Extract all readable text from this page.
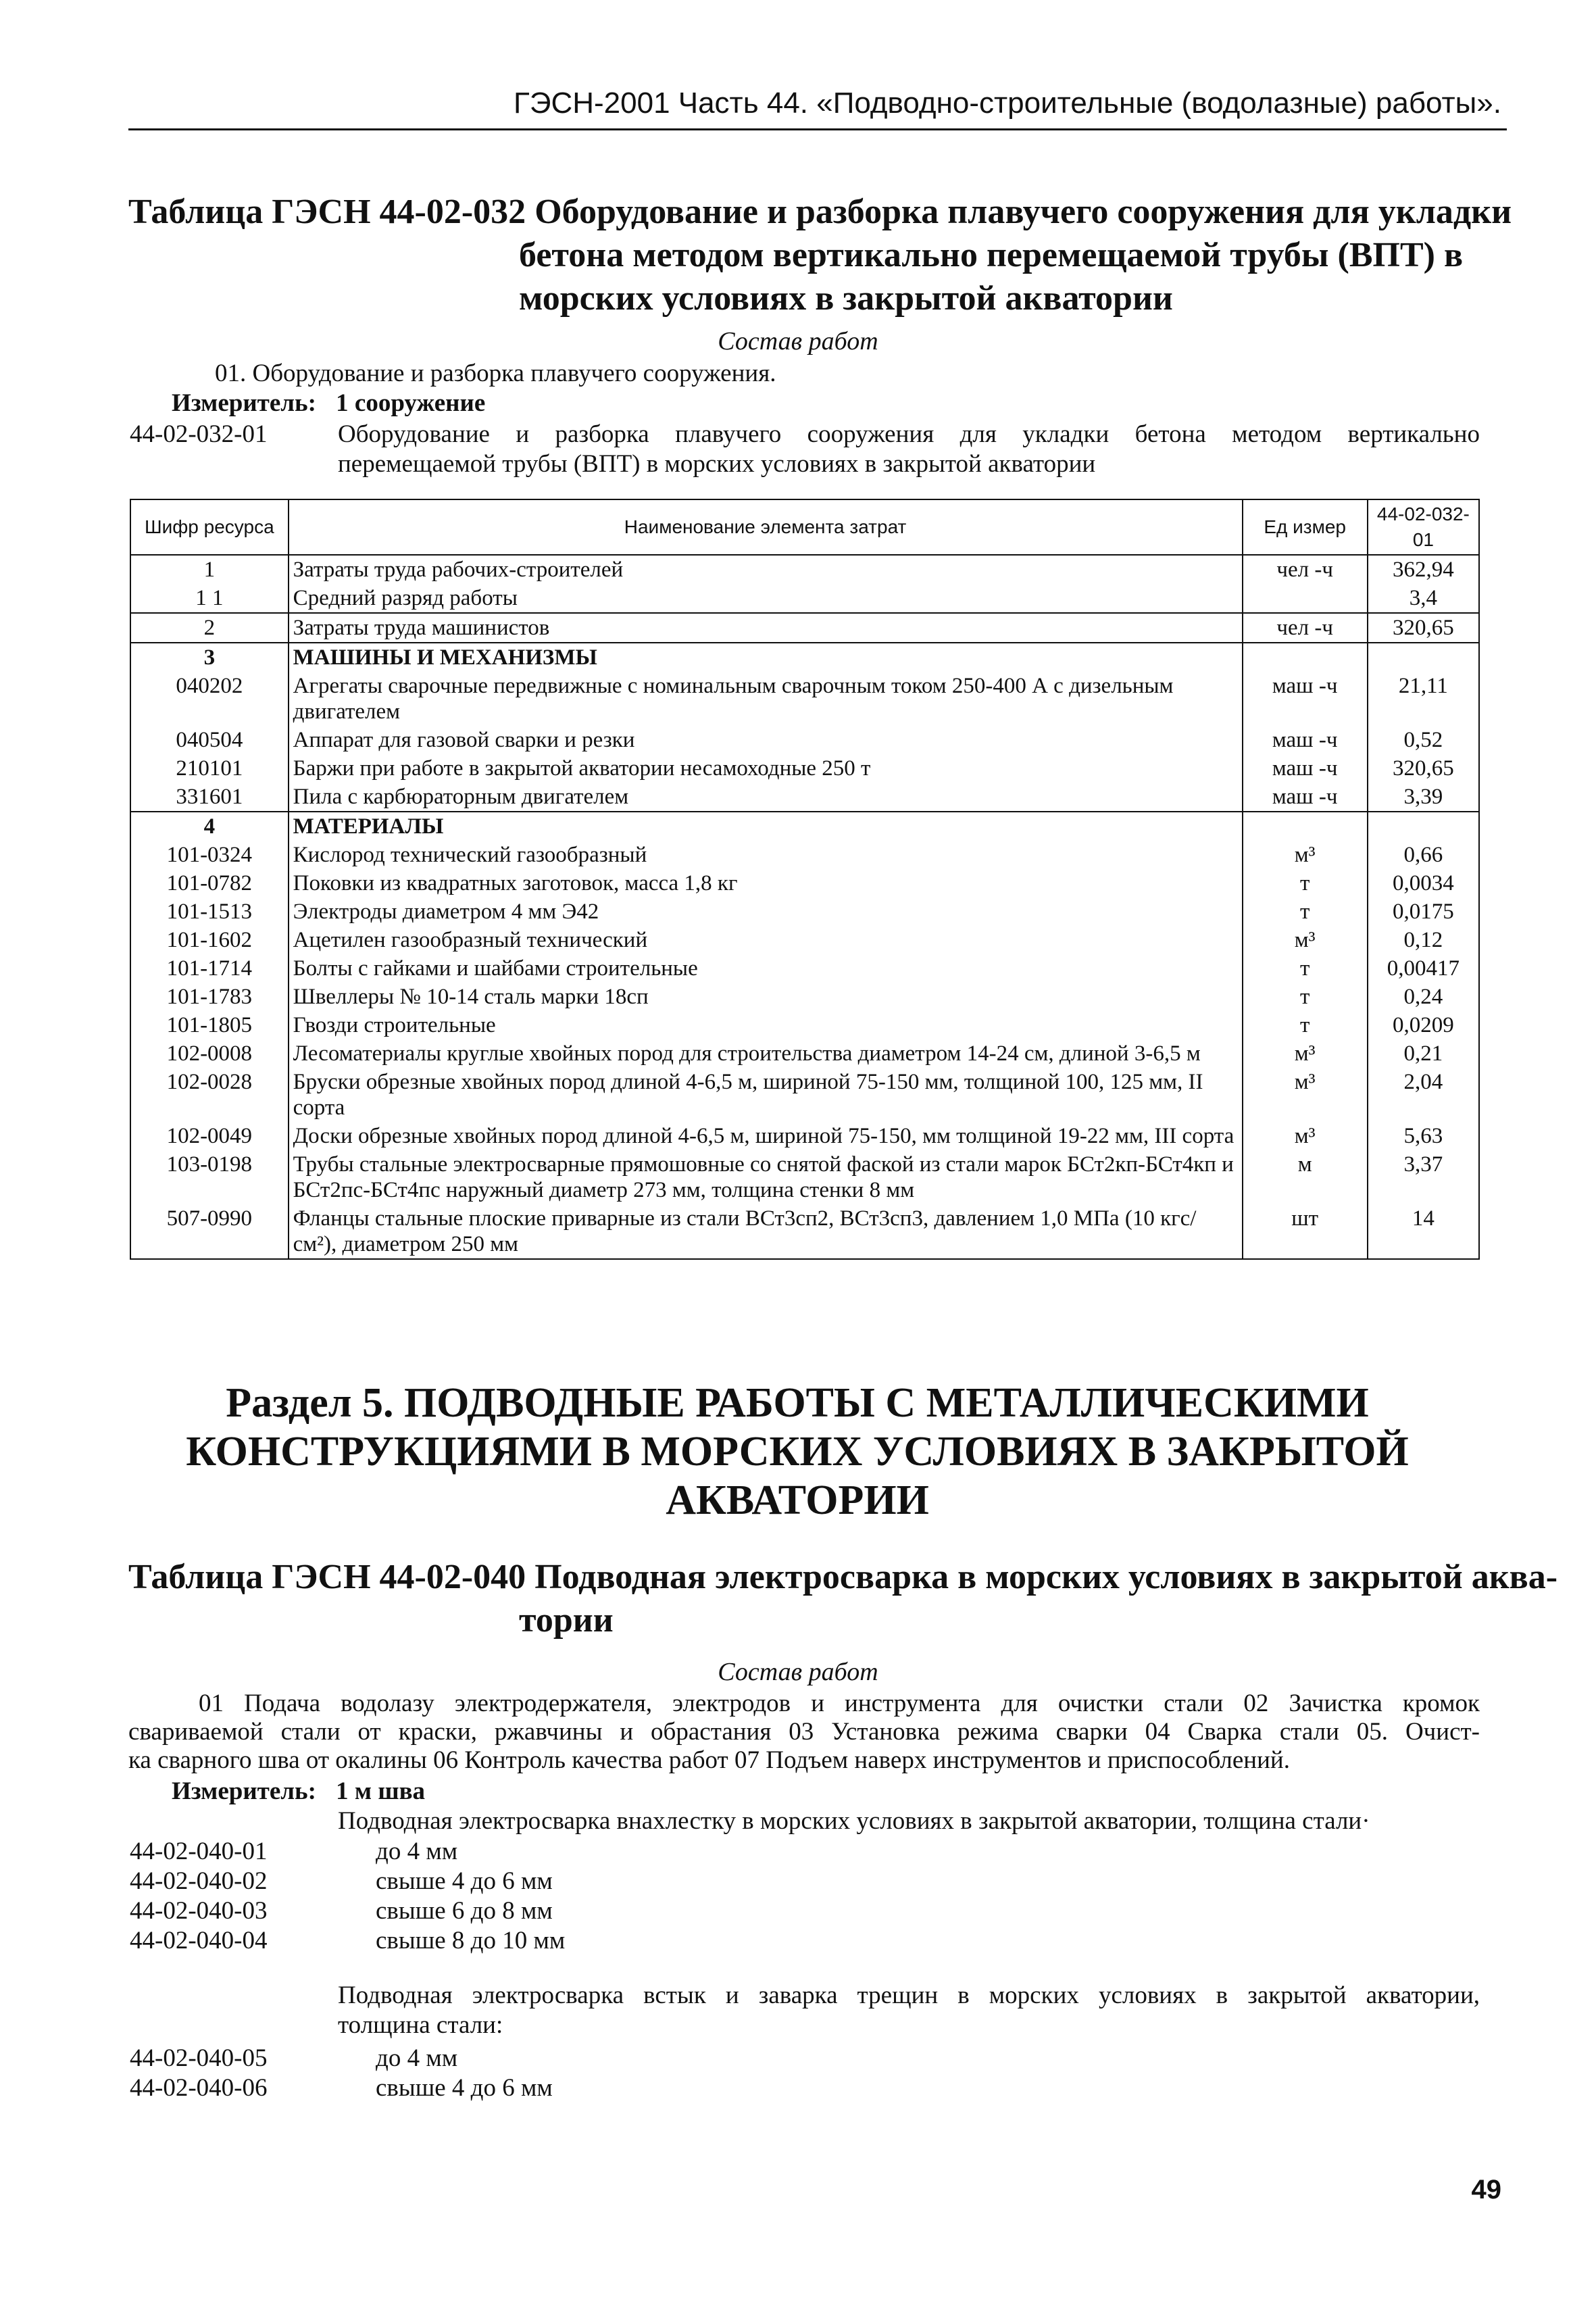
ГЭСН-2001 Часть 44. «Подводно-строительные (водолазные) работы».
Таблица ГЭСН 44-02-032 Оборудование и разборка плавучего сооружения для укладки
бетона методом вертикально перемещаемой трубы (ВПТ) в
морских условиях в закрытой акватории
Состав работ
01. Оборудование и разборка плавучего сооружения.
Измеритель: 1 сооружение
44-02-032-01	Оборудование и разборка плавучего сооружения для укладки бетона методом вертикально
перемещаемой трубы (ВПТ) в морских условиях в закрытой акватории
Шифр ресурса	Наименование элемента затрат	Ед измер	44-02-032-01
1	Затраты труда рабочих-строителей	чел -ч	362,94
1 1	Средний разряд работы		3,4
2	Затраты труда машинистов	чел -ч	320,65
3	МАШИНЫ И МЕХАНИЗМЫ		
040202	Агрегаты сварочные передвижные с номинальным сварочным током 250-400 А с дизельным двигателем	маш -ч	21,11
040504	Аппарат для газовой сварки и резки	маш -ч	0,52
210101	Баржи при работе в закрытой акватории несамоходные 250 т	маш -ч	320,65
331601	Пила с карбюраторным двигателем	маш -ч	3,39
4	МАТЕРИАЛЫ		
101-0324	Кислород технический газообразный	м³	0,66
101-0782	Поковки из квадратных заготовок, масса 1,8 кг	т	0,0034
101-1513	Электроды диаметром 4 мм Э42	т	0,0175
101-1602	Ацетилен газообразный технический	м³	0,12
101-1714	Болты с гайками и шайбами строительные	т	0,00417
101-1783	Швеллеры № 10-14 сталь марки 18сп	т	0,24
101-1805	Гвозди строительные	т	0,0209
102-0008	Лесоматериалы круглые хвойных пород для строительства диаметром 14-24 см, длиной 3-6,5 м	м³	0,21
102-0028	Бруски обрезные хвойных пород длиной 4-6,5 м, шириной 75-150 мм, толщиной 100, 125 мм, II сорта	м³	2,04
102-0049	Доски обрезные хвойных пород длиной 4-6,5 м, шириной 75-150, мм толщиной 19-22 мм, III сорта	м³	5,63
103-0198	Трубы стальные электросварные прямошовные со снятой фаской из стали марок БСт2кп-БСт4кп и БСт2пс-БСт4пс наружный диаметр 273 мм, толщина стенки 8 мм	м	3,37
507-0990	Фланцы стальные плоские приварные из стали ВСт3сп2, ВСт3сп3, давлением 1,0 МПа (10 кгс/см²), диаметром 250 мм	шт	14
Раздел 5. ПОДВОДНЫЕ РАБОТЫ С МЕТАЛЛИЧЕСКИМИ
КОНСТРУКЦИЯМИ В МОРСКИХ УСЛОВИЯХ В ЗАКРЫТОЙ
АКВАТОРИИ
Таблица ГЭСН 44-02-040 Подводная электросварка в морских условиях в закрытой аква-
тории
Состав работ
01 Подача водолазу электродержателя, электродов и инструмента для очистки стали 02 Зачистка кромок
свариваемой стали от краски, ржавчины и обрастания 03 Установка режима сварки 04 Сварка стали 05. Очист-
ка сварного шва от окалины 06 Контроль качества работ 07 Подъем наверх инструментов и приспособлений.
Измеритель: 1 м шва
Подводная электросварка внахлестку в морских условиях в закрытой акватории, толщина стали·
44-02-040-01	до 4 мм
44-02-040-02	свыше 4 до 6 мм
44-02-040-03	свыше 6 до 8 мм
44-02-040-04	свыше 8 до 10 мм
Подводная электросварка встык и заварка трещин в морских условиях в закрытой акватории,
толщина стали:
44-02-040-05	до 4 мм
44-02-040-06	свыше 4 до 6 мм
49
